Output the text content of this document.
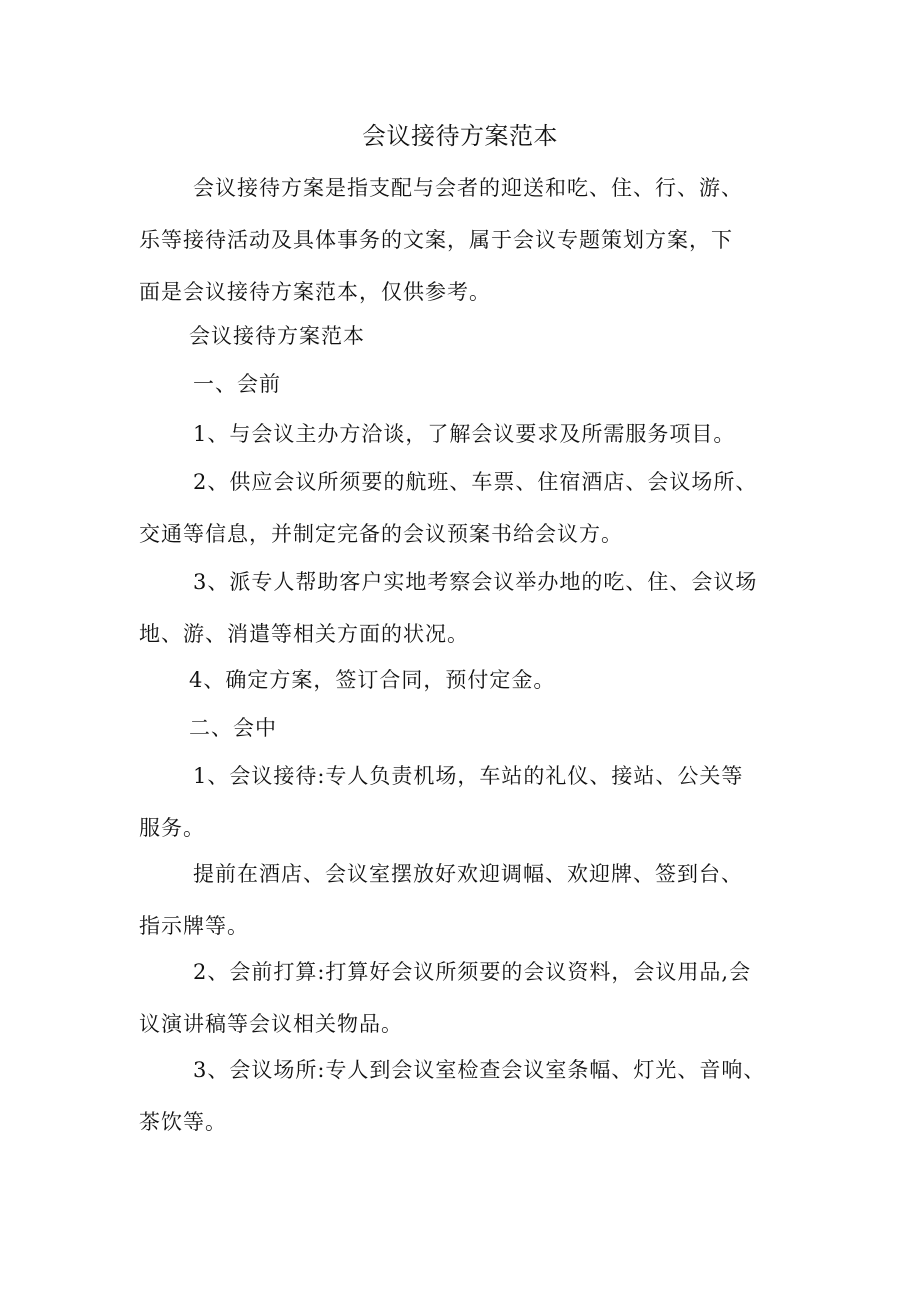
会议接待方案范本
会议接待方案是指支配与会者的迎送和吃、住、行、游、
乐等接待活动及具体事务的文案，属于会议专题策划方案，下
面是会议接待方案范本，仅供参考。
会议接待方案范本
一、会前
1、与会议主办方洽谈，了解会议要求及所需服务项目。
2、供应会议所须要的航班、车票、住宿酒店、会议场所、
交通等信息，并制定完备的会议预案书给会议方。
3、派专人帮助客户实地考察会议举办地的吃、住、会议场
地、游、消遣等相关方面的状况。
4、确定方案，签订合同，预付定金。
二、会中
1、会议接待:专人负责机场，车站的礼仪、接站、公关等
服务。
提前在酒店、会议室摆放好欢迎调幅、欢迎牌、签到台、
指示牌等。
2、会前打算:打算好会议所须要的会议资料，会议用品,会
议演讲稿等会议相关物品。
3、会议场所:专人到会议室检查会议室条幅、灯光、音响、
茶饮等。
